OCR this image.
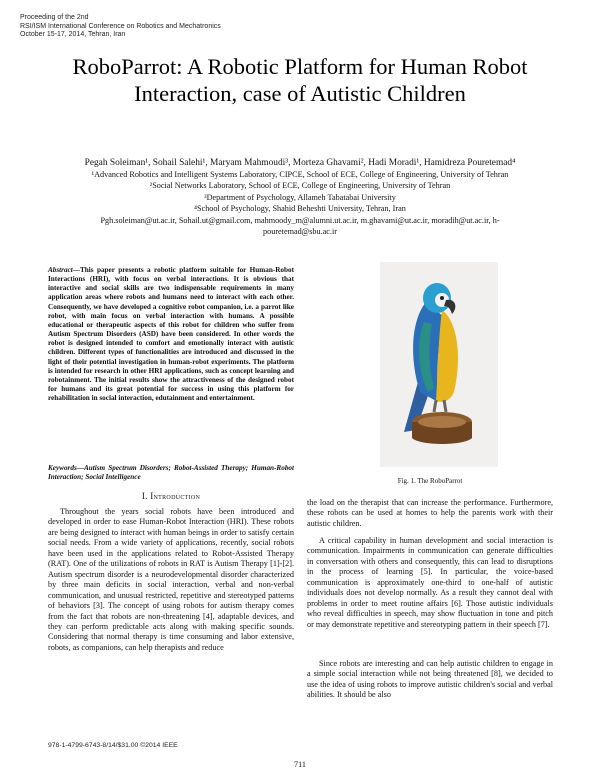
Proceeding of the 2nd
RSI/ISM International Conference on Robotics and Mechatronics
October 15-17, 2014, Tehran, Iran
RoboParrot: A Robotic Platform for Human Robot Interaction, case of Autistic Children
Pegah Soleiman¹, Sohail Salehi¹, Maryam Mahmoudi³, Morteza Ghavami², Hadi Moradi¹, Hamidreza Pouretemad⁴
¹Advanced Robotics and Intelligent Systems Laboratory, CIPCE, School of ECE, College of Engineering, University of Tehran
²Social Networks Laboratory, School of ECE, College of Engineering, University of Tehran
³Department of Psychology, Allameh Tabatabai University
⁴School of Psychology, Shahid Beheshti University, Tehran, Iran
Pgh.soleiman@ut.ac.ir, Sohail.ut@gmail.com, mahmoody_m@alumni.ut.ac.ir, m.ghavami@ut.ac.ir, moradih@ut.ac.ir, h-pouretemad@sbu.ac.ir
Abstract—This paper presents a robotic platform suitable for Human-Robot Interactions (HRI), with focus on verbal interactions. It is obvious that interactive and social skills are two indispensable requirements in many application areas where robots and humans need to interact with each other. Consequently, we have developed a cognitive robot companion, i.e. a parrot like robot, with main focus on verbal interaction with humans. A possible educational or therapeutic aspects of this robot for children who suffer from Autism Spectrum Disorders (ASD) have been considered. In other words the robot is designed intended to comfort and emotionally interact with autistic children. Different types of functionalities are introduced and discussed in the light of their potential investigation in human-robot experiments. The platform is intended for research in other HRI applications, such as concept learning and robotainment. The initial results show the attractiveness of the designed robot for humans and its great potential for success in using this platform for rehabilitation in social interaction, edutainment and entertainment.
Keywords—Autism Spectrum Disorders; Robot-Assisted Therapy; Human-Robot Interaction; Social Intelligence
I. Introduction

Throughout the years social robots have been introduced and developed in order to ease Human-Robot Interaction (HRI). These robots are being designed to interact with human beings in order to satisfy certain social needs. From a wide variety of applications, recently, social robots have been used in the applications related to Robot-Assisted Therapy (RAT). One of the utilizations of robots in RAT is Autism Therapy [1]-[2]. Autism spectrum disorder is a neurodevelopmental disorder characterized by three main deficits in social interaction, verbal and non-verbal communication, and unusual restricted, repetitive and stereotyped patterns of behaviors [3]. The concept of using robots for autism therapy comes from the fact that robots are non-threatening [4], adaptable devices, and they can perform predictable acts along with making specific sounds. Considering that normal therapy is time consuming and labor extensive, robots, as companions, can help therapists and reduce

Fig. 1. The RoboParrot

the load on the therapist that can increase the performance. Furthermore, these robots can be used at homes to help the parents work with their autistic children.

A critical capability in human development and social interaction is communication. Impairments in communication can generate difficulties in conversation with others and consequently, this can lead to disruptions in the process of learning [5]. In particular, the voice-based communication is approximately one-third to one-half of autistic individuals does not develop normally. As a result they cannot deal with problems in order to meet routine affairs [6]. Those autistic individuals who reveal difficulties in speech, may show fluctuation in tone and pitch or may demonstrate repetitive and stereotyping pattern in their speech [7].

Since robots are interesting and can help autistic children to engage in a simple social interaction while not being threatened [8], we decided to use the idea of using robots to improve autistic children's social and verbal abilities. It should be also

978-1-4799-6743-8/14/$31.00 ©2014 IEEE
711
